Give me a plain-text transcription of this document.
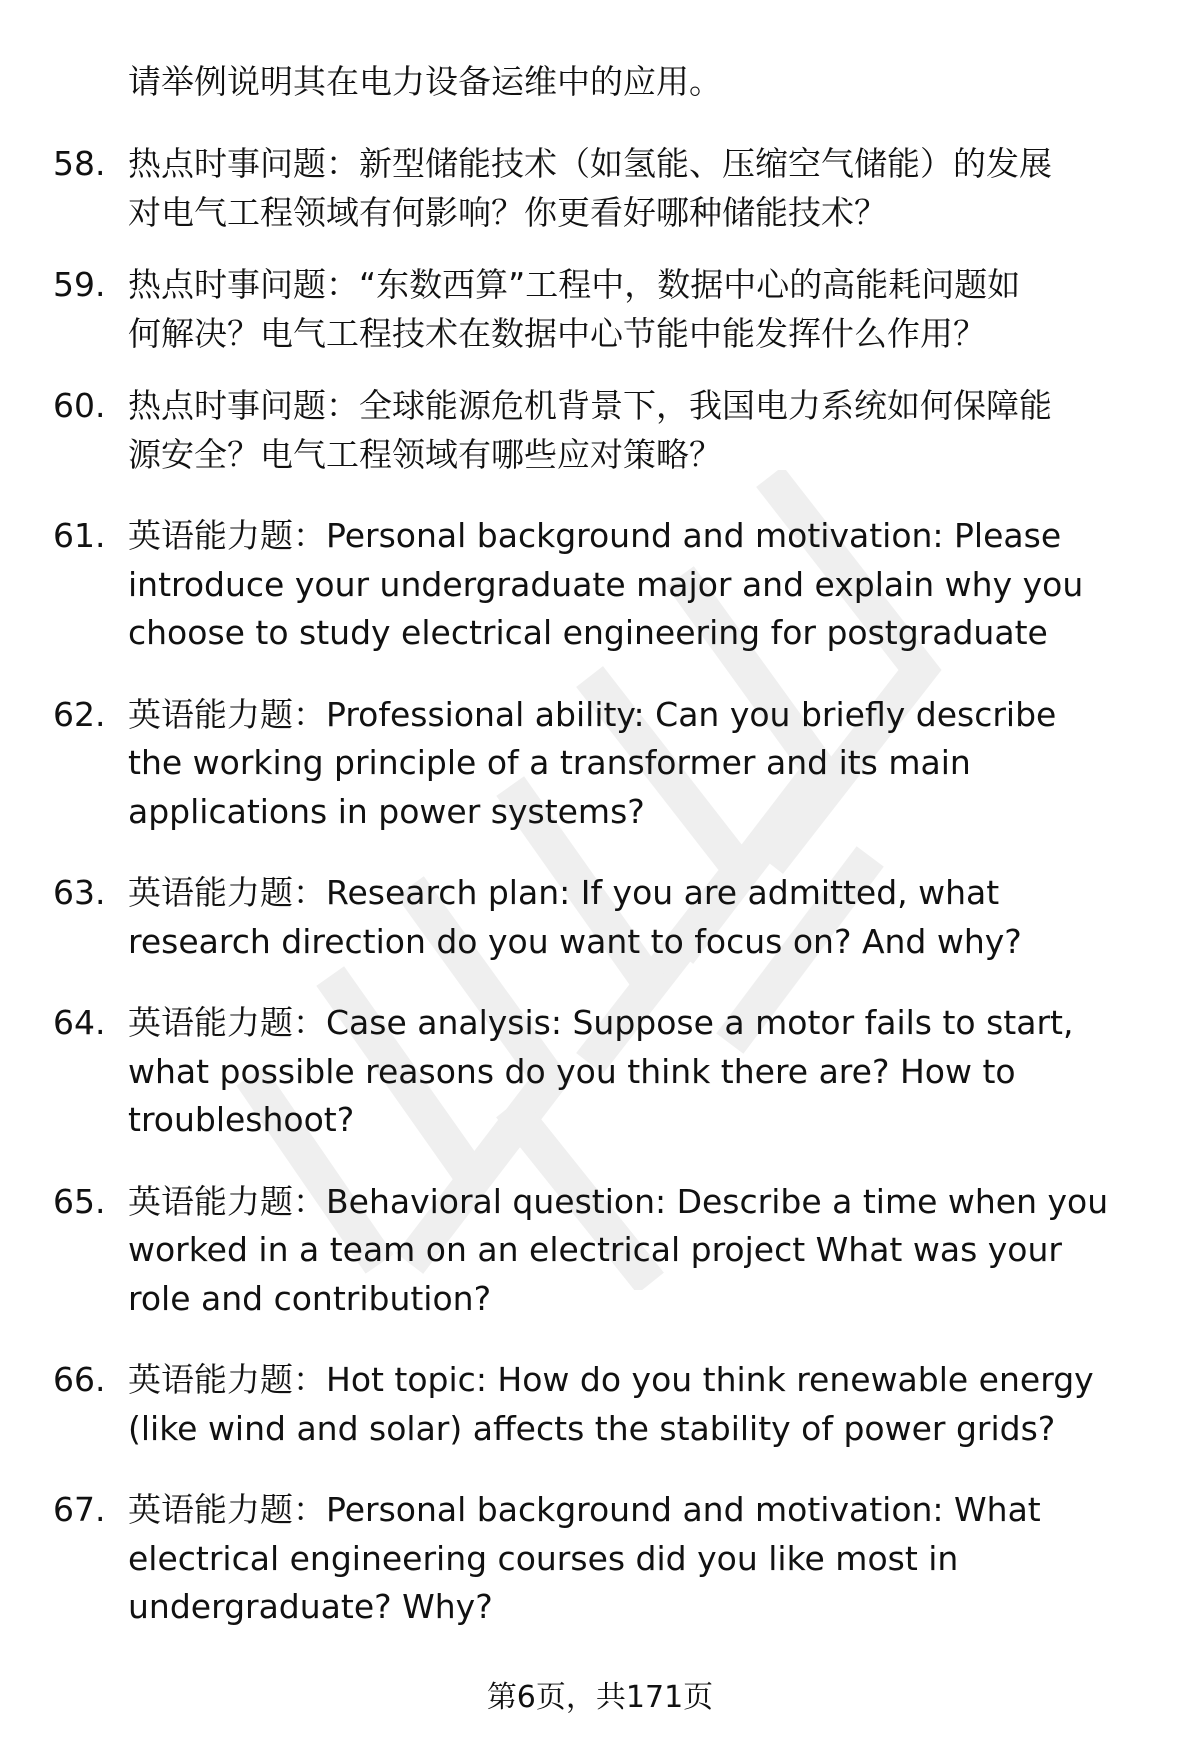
请举例说明其在电力设备运维中的应用。
58. 热点时事问题：新型储能技术（如氢能、压缩空气储能）的发展
对电气工程领域有何影响？你更看好哪种储能技术？
59. 热点时事问题：“东数西算”工程中，数据中心的高能耗问题如
何解决？电气工程技术在数据中心节能中能发挥什么作用？
60. 热点时事问题：全球能源危机背景下，我国电力系统如何保障能
源安全？电气工程领域有哪些应对策略？
61. 英语能力题：Personal background and motivation: Please
introduce your undergraduate major and explain why you
choose to study electrical engineering for postgraduate
62. 英语能力题：Professional ability: Can you briefly describe
the working principle of a transformer and its main
applications in power systems?
63. 英语能力题：Research plan: If you are admitted, what
research direction do you want to focus on? And why?
64. 英语能力题：Case analysis: Suppose a motor fails to start,
what possible reasons do you think there are? How to
troubleshoot?
65. 英语能力题：Behavioral question: Describe a time when you
worked in a team on an electrical project What was your
role and contribution?
66. 英语能力题：Hot topic: How do you think renewable energy
(like wind and solar) affects the stability of power grids?
67. 英语能力题：Personal background and motivation: What
electrical engineering courses did you like most in
undergraduate? Why?
第6页，共171页
